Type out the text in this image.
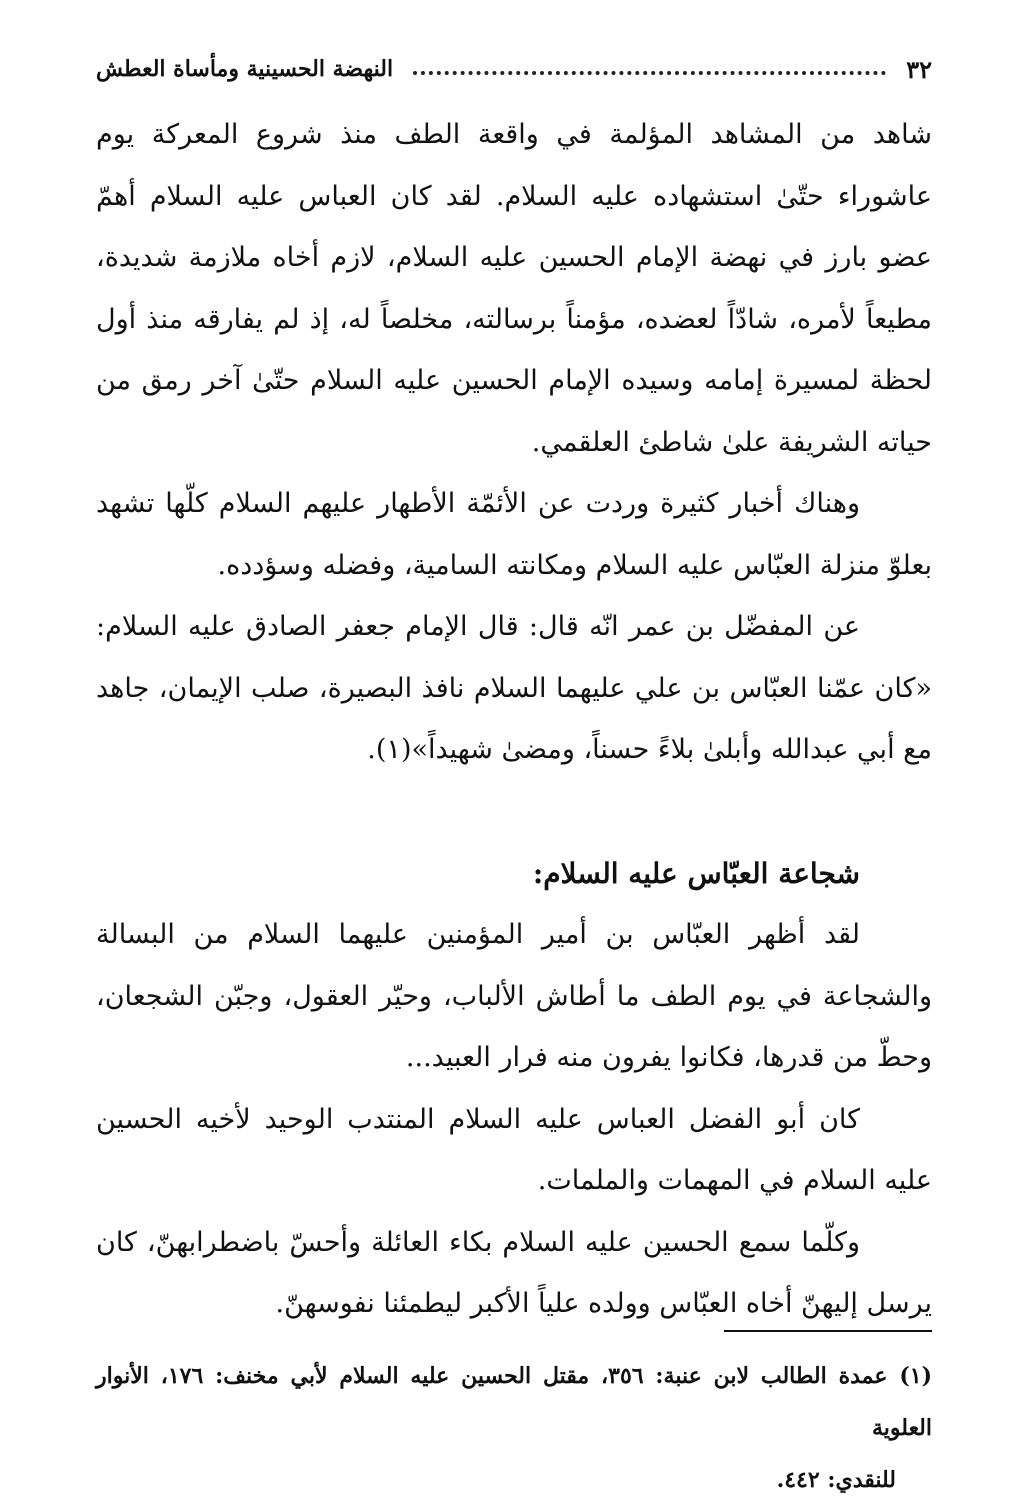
٣٢
النهضة الحسينية ومأساة العطش

شاهد من المشاهد المؤلمة في واقعة الطف منذ شروع المعركة يوم عاشوراء حتّىٰ استشهاده عليه السلام. لقد كان العباس عليه السلام أهمّ عضو بارز في نهضة الإمام الحسين عليه السلام، لازم أخاه ملازمة شديدة، مطيعاً لأمره، شادّاً لعضده، مؤمناً برسالته، مخلصاً له، إذ لم يفارقه منذ أول لحظة لمسيرة إمامه وسيده الإمام الحسين عليه السلام حتّىٰ آخر رمق من حياته الشريفة علىٰ شاطئ العلقمي.

وهناك أخبار كثيرة وردت عن الأئمّة الأطهار عليهم السلام كلّها تشهد بعلوّ منزلة العبّاس عليه السلام ومكانته السامية، وفضله وسؤدده.

عن المفضّل بن عمر انّه قال: قال الإمام جعفر الصادق عليه السلام: «كان عمّنا العبّاس بن علي عليهما السلام نافذ البصيرة، صلب الإيمان، جاهد مع أبي عبدالله وأبلىٰ بلاءً حسناً، ومضىٰ شهيداً»(١).

شجاعة العبّاس عليه السلام:

لقد أظهر العبّاس بن أمير المؤمنين عليهما السلام من البسالة والشجاعة في يوم الطف ما أطاش الألباب، وحيّر العقول، وجبّن الشجعان، وحطّ من قدرها، فكانوا يفرون منه فرار العبيد...

كان أبو الفضل العباس عليه السلام المنتدب الوحيد لأخيه الحسين عليه السلام في المهمات والملمات.

وكلّما سمع الحسين عليه السلام بكاء العائلة وأحسّ باضطرابهنّ، كان يرسل إليهنّ أخاه العبّاس وولده علياً الأكبر ليطمئنا نفوسهنّ.

(١) عمدة الطالب لابن عنبة: ٣٥٦، مقتل الحسين عليه السلام لأبي مخنف: ١٧٦، الأنوار العلوية

للنقدي: ٤٤٢.
